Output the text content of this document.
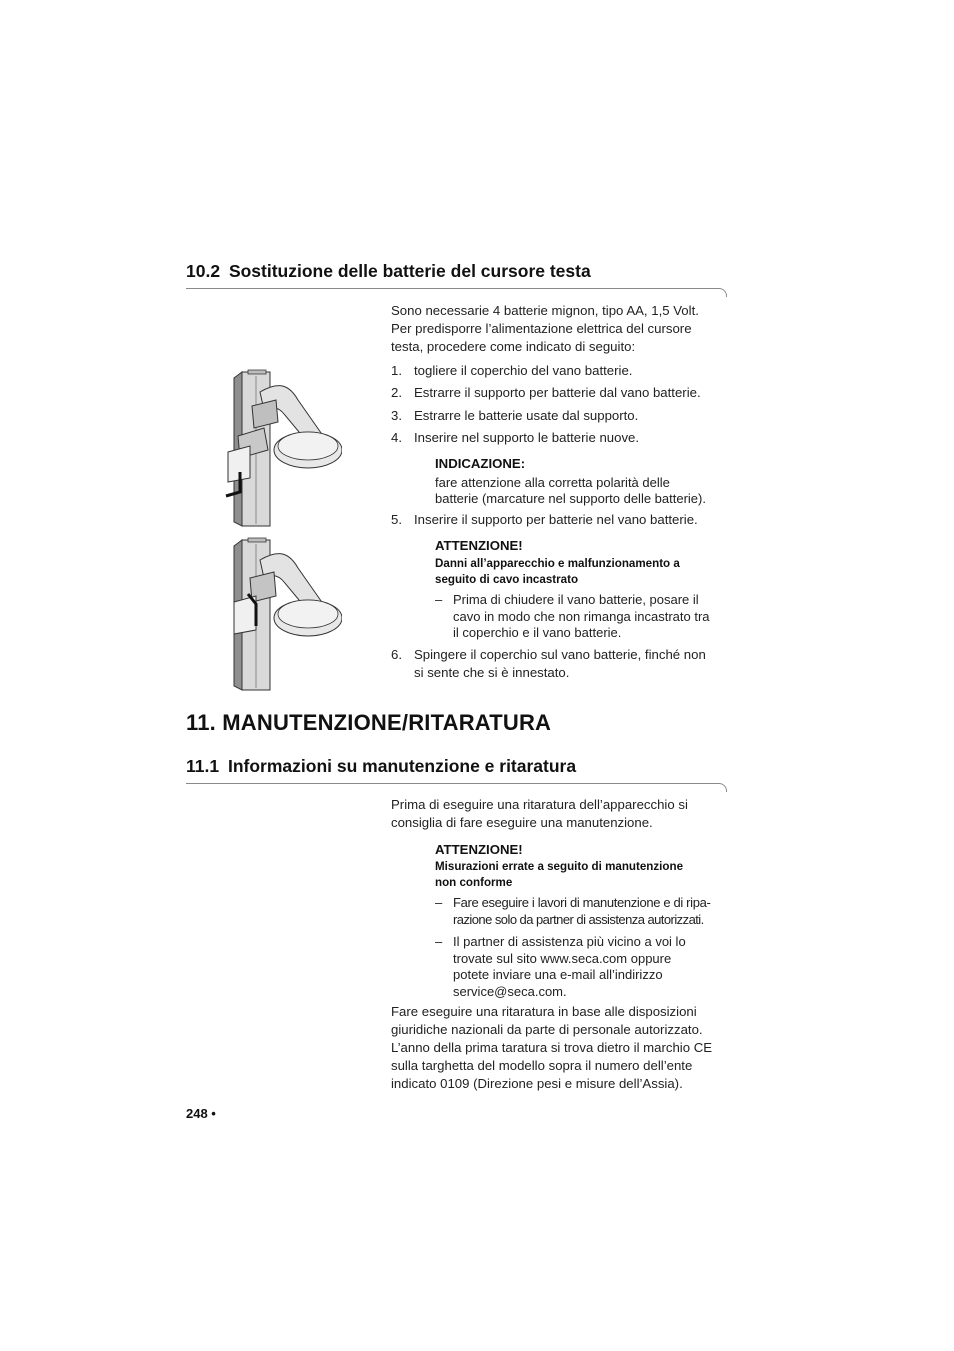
10.2 Sostituzione delle batterie del cursore testa
Sono necessarie 4 batterie mignon, tipo AA, 1,5 Volt.
Per predisporre l’alimentazione elettrica del cursore
testa, procedere come indicato di seguito:
1. togliere il coperchio del vano batterie.
2. Estrarre il supporto per batterie dal vano batterie.
3. Estrarre le batterie usate dal supporto.
4. Inserire nel supporto le batterie nuove.
INDICAZIONE:
fare attenzione alla corretta polarità delle
batterie (marcature nel supporto delle batterie).
5. Inserire il supporto per batterie nel vano batterie.
ATTENZIONE!
Danni all’apparecchio e malfunzionamento a
seguito di cavo incastrato
– Prima di chiudere il vano batterie, posare il
cavo in modo che non rimanga incastrato tra
il coperchio e il vano batterie.
6. Spingere il coperchio sul vano batterie, finché non
si sente che si è innestato.
11. MANUTENZIONE/RITARATURA
11.1 Informazioni su manutenzione e ritaratura
Prima di eseguire una ritaratura dell’apparecchio si
consiglia di fare eseguire una manutenzione.
ATTENZIONE!
Misurazioni errate a seguito di manutenzione
non conforme
– Fare eseguire i lavori di manutenzione e di ripa-
razione solo da partner di assistenza autorizzati.
– Il partner di assistenza più vicino a voi lo
trovate sul sito www.seca.com oppure
potete inviare una e-mail all’indirizzo
service@seca.com.
Fare eseguire una ritaratura in base alle disposizioni
giuridiche nazionali da parte di personale autorizzato.
L’anno della prima taratura si trova dietro il marchio CE
sulla targhetta del modello sopra il numero dell’ente
indicato 0109 (Direzione pesi e misure dell’Assia).
248 •
